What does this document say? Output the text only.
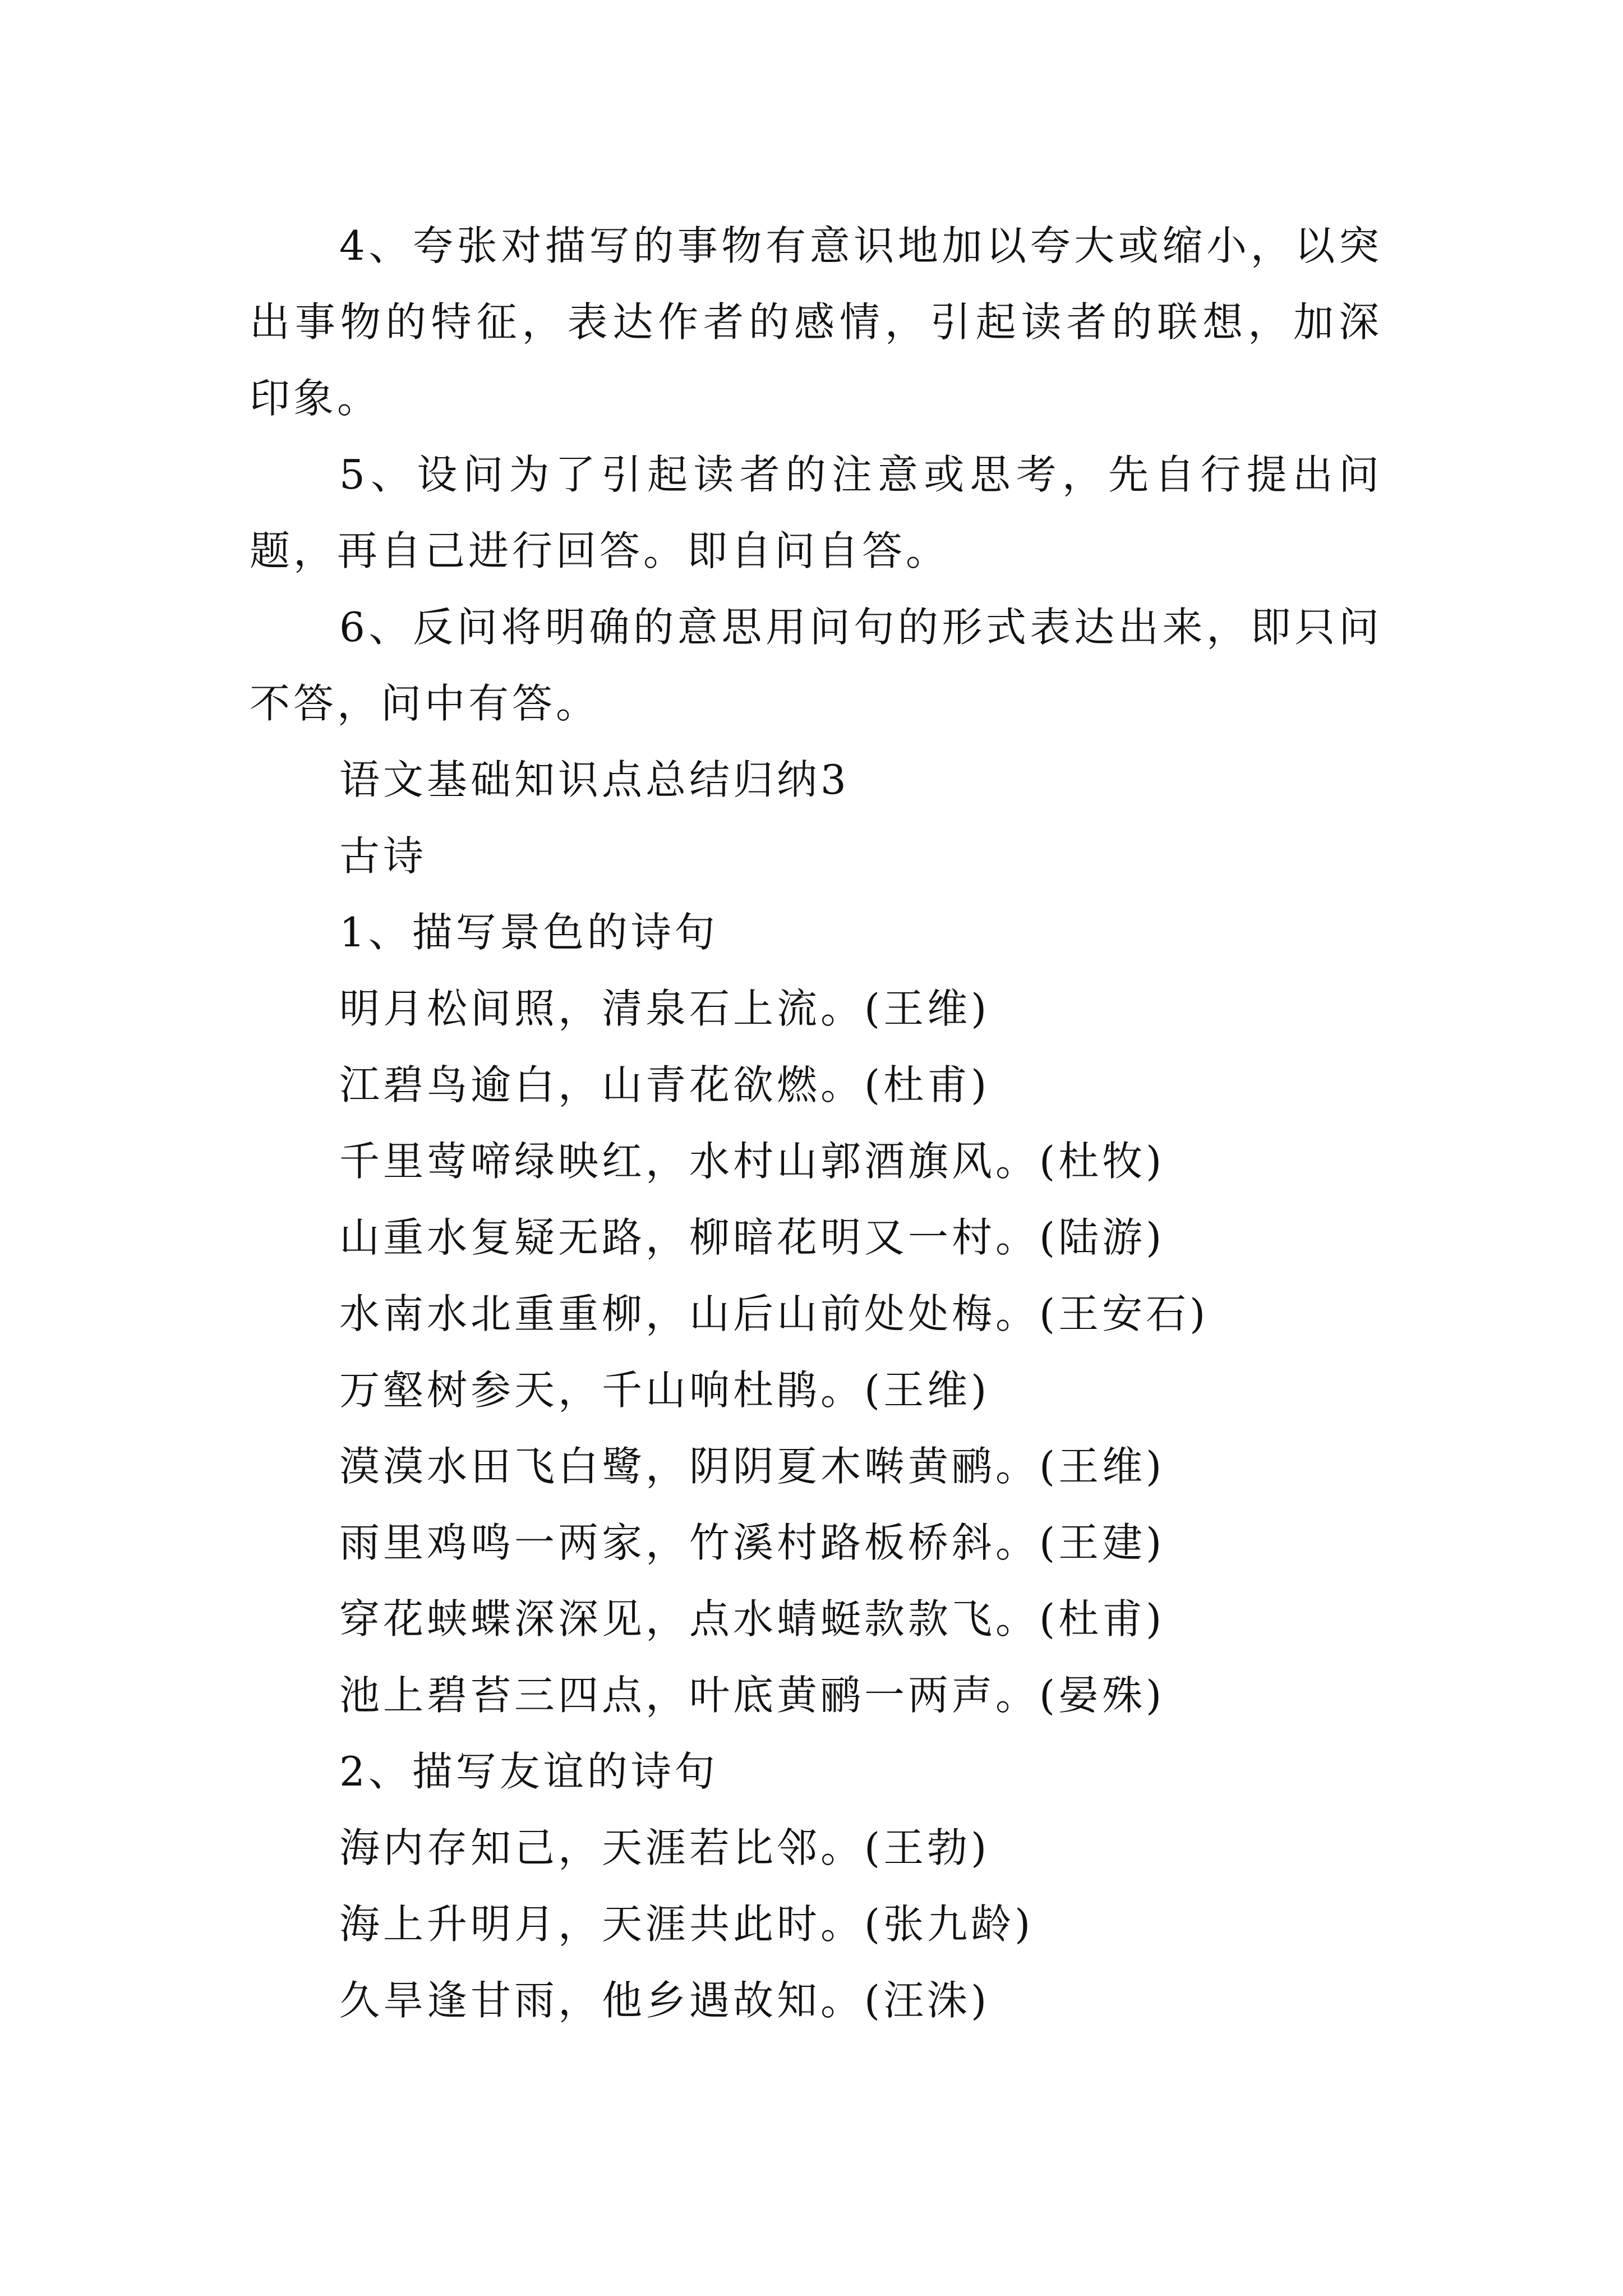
4、夸张对描写的事物有意识地加以夸大或缩小，以突出事物的特征，表达作者的感情，引起读者的联想，加深印象。

5、设问为了引起读者的注意或思考，先自行提出问题，再自己进行回答。即自问自答。

6、反问将明确的意思用问句的形式表达出来，即只问不答，问中有答。

语文基础知识点总结归纳3

古诗

1、描写景色的诗句

明月松间照，清泉石上流。(王维)

江碧鸟逾白，山青花欲燃。(杜甫)

千里莺啼绿映红，水村山郭酒旗风。(杜牧)

山重水复疑无路，柳暗花明又一村。(陆游)

水南水北重重柳，山后山前处处梅。(王安石)

万壑树参天，千山响杜鹃。(王维)

漠漠水田飞白鹭，阴阴夏木啭黄鹂。(王维)

雨里鸡鸣一两家，竹溪村路板桥斜。(王建)

穿花蛱蝶深深见，点水蜻蜓款款飞。(杜甫)

池上碧苔三四点，叶底黄鹂一两声。(晏殊)

2、描写友谊的诗句

海内存知己，天涯若比邻。(王勃)

海上升明月，天涯共此时。(张九龄)

久旱逢甘雨，他乡遇故知。(汪洙)
